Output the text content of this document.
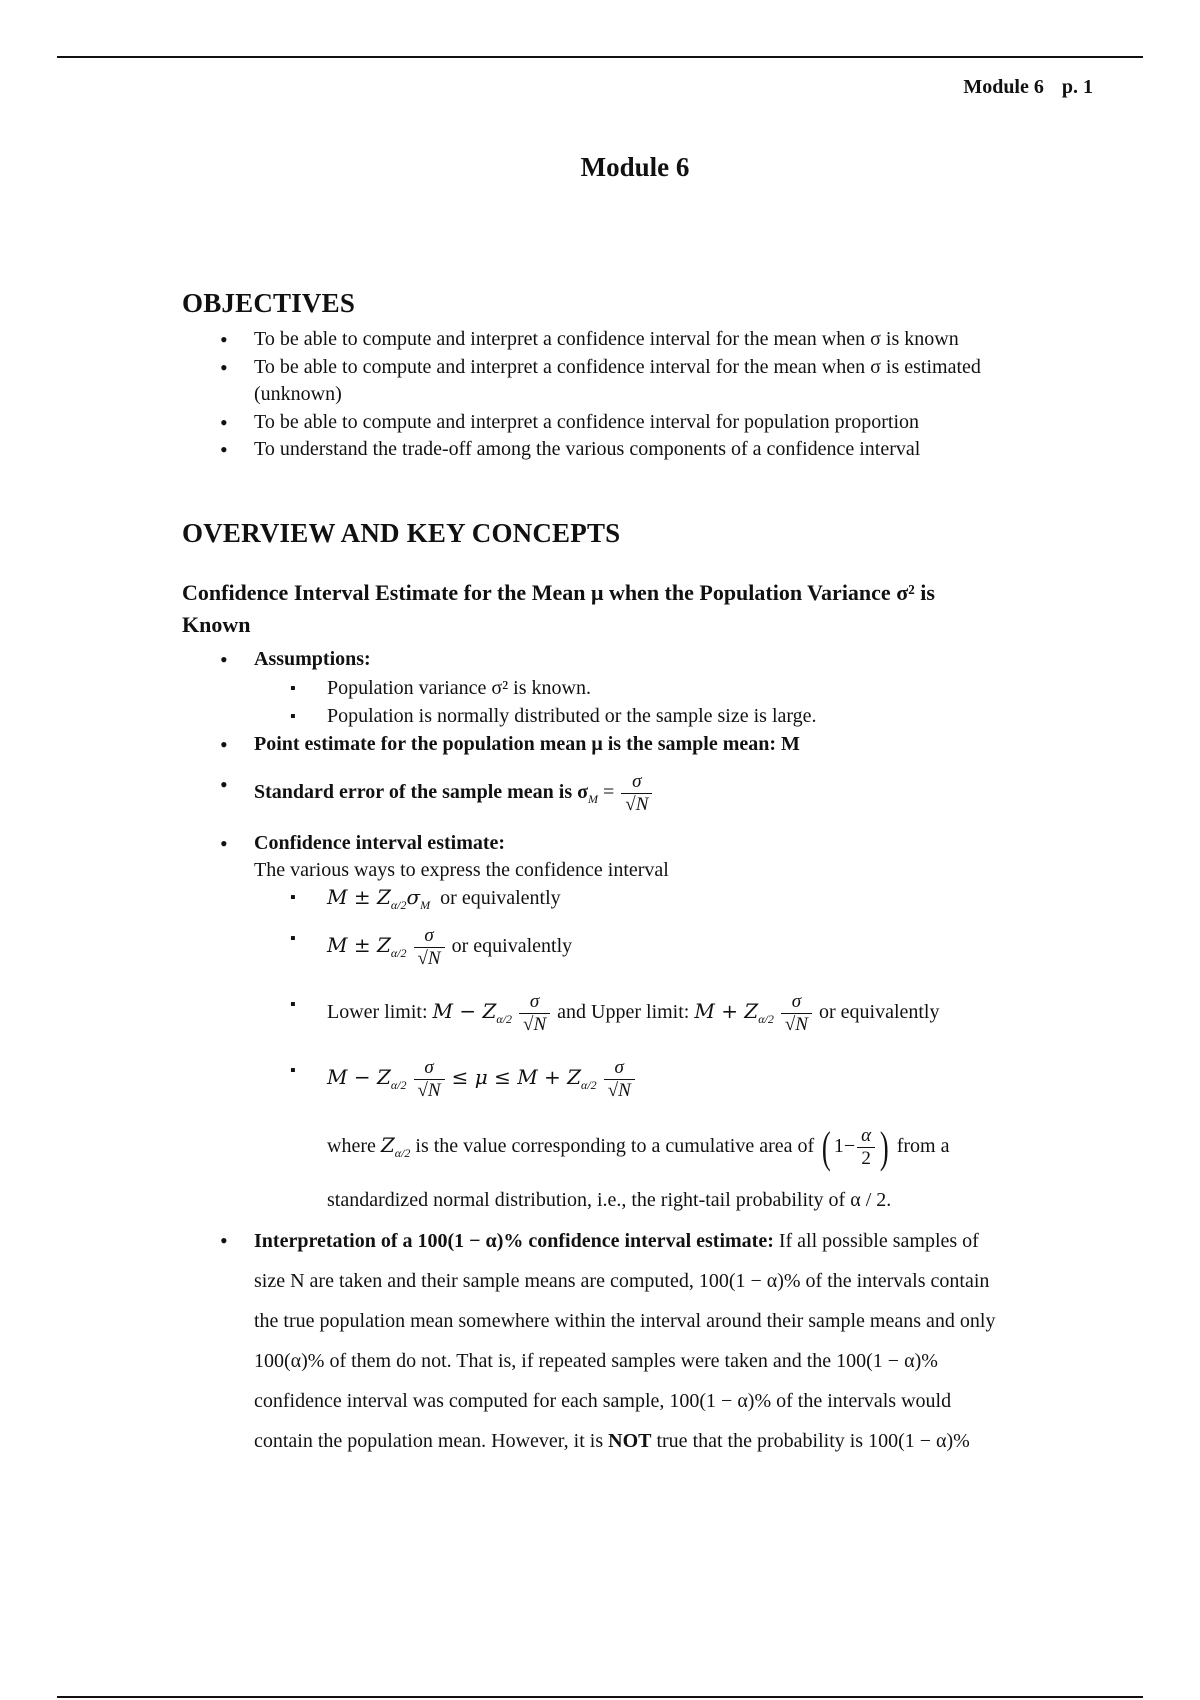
Module 6 p. 1
Module 6
OBJECTIVES
• To be able to compute and interpret a confidence interval for the mean when σ is known
• To be able to compute and interpret a confidence interval for the mean when σ is estimated
(unknown)
• To be able to compute and interpret a confidence interval for population proportion
• To understand the trade-off among the various components of a confidence interval
OVERVIEW AND KEY CONCEPTS
Confidence Interval Estimate for the Mean μ when the Population Variance σ² is
Known
• Assumptions:
▪ Population variance σ² is known.
▪ Population is normally distributed or the sample size is large.
• Point estimate for the population mean μ is the sample mean: M
• Standard error of the sample mean is $\sigma_M = \frac{\sigma}{√N}$
• Confidence interval estimate:
The various ways to express the confidence interval
▪ $M \pm Z_{\alpha/2}\sigma_M$ or equivalently
▪ $M \pm Z_{\alpha/2} \frac{\sigma}{√N}$ or equivalently
▪ Lower limit: $M - Z_{\alpha/2} \frac{\sigma}{√N}$ and Upper limit: $M + Z_{\alpha/2} \frac{\sigma}{√N}$ or equivalently
▪ $M - Z_{\alpha/2} \frac{\sigma}{√N} \le \mu \le M + Z_{\alpha/2} \frac{\sigma}{√N}$
where $Z_{\alpha/2}$ is the value corresponding to a cumulative area of ( $1- \frac{\alpha}{2}$ ) from a
standardized normal distribution, i.e., the right-tail probability of α / 2.
• Interpretation of a 100(1 − α)% confidence interval estimate: If all possible samples of
size N are taken and their sample means are computed, 100(1 − α)% of the intervals contain
the true population mean somewhere within the interval around their sample means and only
100(α)% of them do not. That is, if repeated samples were taken and the 100(1 − α)%
confidence interval was computed for each sample, 100(1 − α)% of the intervals would
contain the population mean. However, it is NOT true that the probability is 100(1 − α)%
